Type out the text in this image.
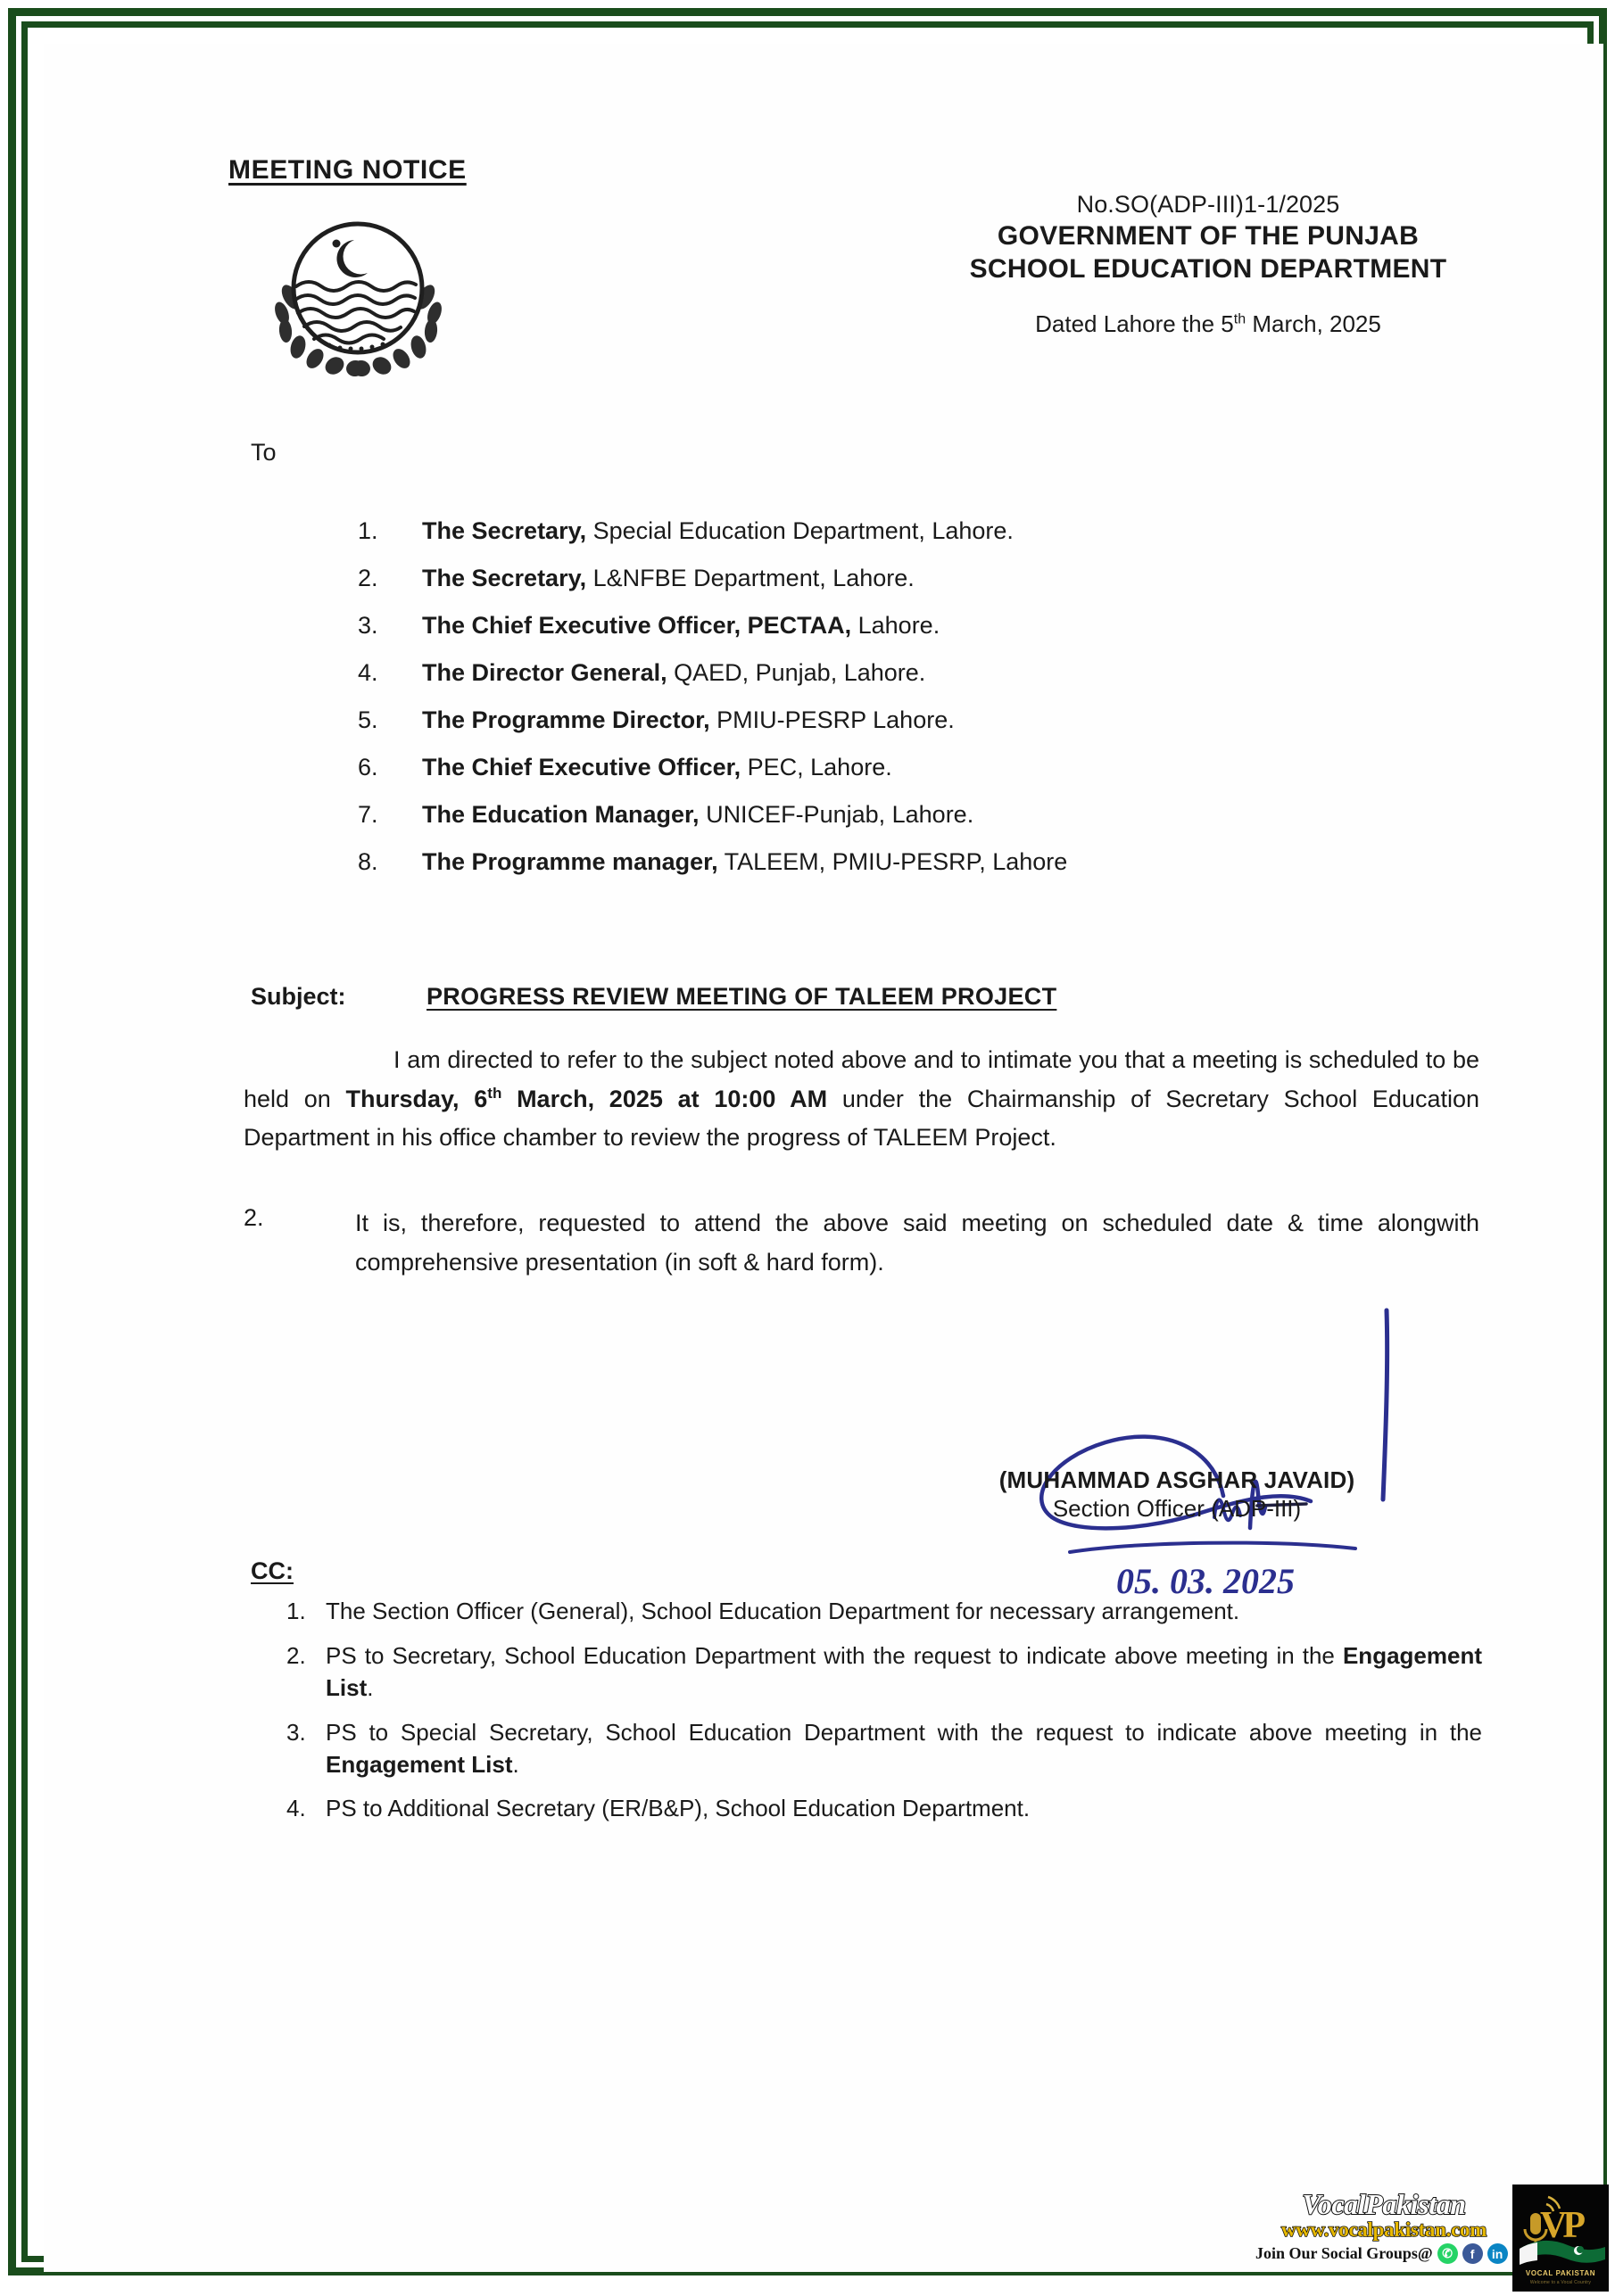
MEETING NOTICE
No.SO(ADP-III)1-1/2025
GOVERNMENT OF THE PUNJAB
SCHOOL EDUCATION DEPARTMENT
Dated Lahore the 5th March, 2025
To
1.	The Secretary, Special Education Department, Lahore.
2.	The Secretary, L&NFBE Department, Lahore.
3.	The Chief Executive Officer, PECTAA, Lahore.
4.	The Director General, QAED, Punjab, Lahore.
5.	The Programme Director, PMIU-PESRP Lahore.
6.	The Chief Executive Officer, PEC, Lahore.
7.	The Education Manager, UNICEF-Punjab, Lahore.
8.	The Programme manager, TALEEM, PMIU-PESRP, Lahore
Subject:	PROGRESS REVIEW MEETING OF TALEEM PROJECT

I am directed to refer to the subject noted above and to intimate you that a meeting is scheduled to be held on Thursday, 6th March, 2025 at 10:00 AM under the Chairmanship of Secretary School Education Department in his office chamber to review the progress of TALEEM Project.

2.	It is, therefore, requested to attend the above said meeting on scheduled date & time alongwith comprehensive presentation (in soft & hard form).
(MUHAMMAD ASGHAR JAVAID)
Section Officer (ADP-III)
05. 03. 2025
CC:
1. The Section Officer (General), School Education Department for necessary arrangement.
2. PS to Secretary, School Education Department with the request to indicate above meeting in the Engagement List.
3. PS to Special Secretary, School Education Department with the request to indicate above meeting in the Engagement List.
4. PS to Additional Secretary (ER/B&P), School Education Department.
VocalPakistan
www.vocalpakistan.com
Join Our Social Groups@ ✆	f	in
VP
VOCAL PAKISTAN
Welcome to a Vocal Country
